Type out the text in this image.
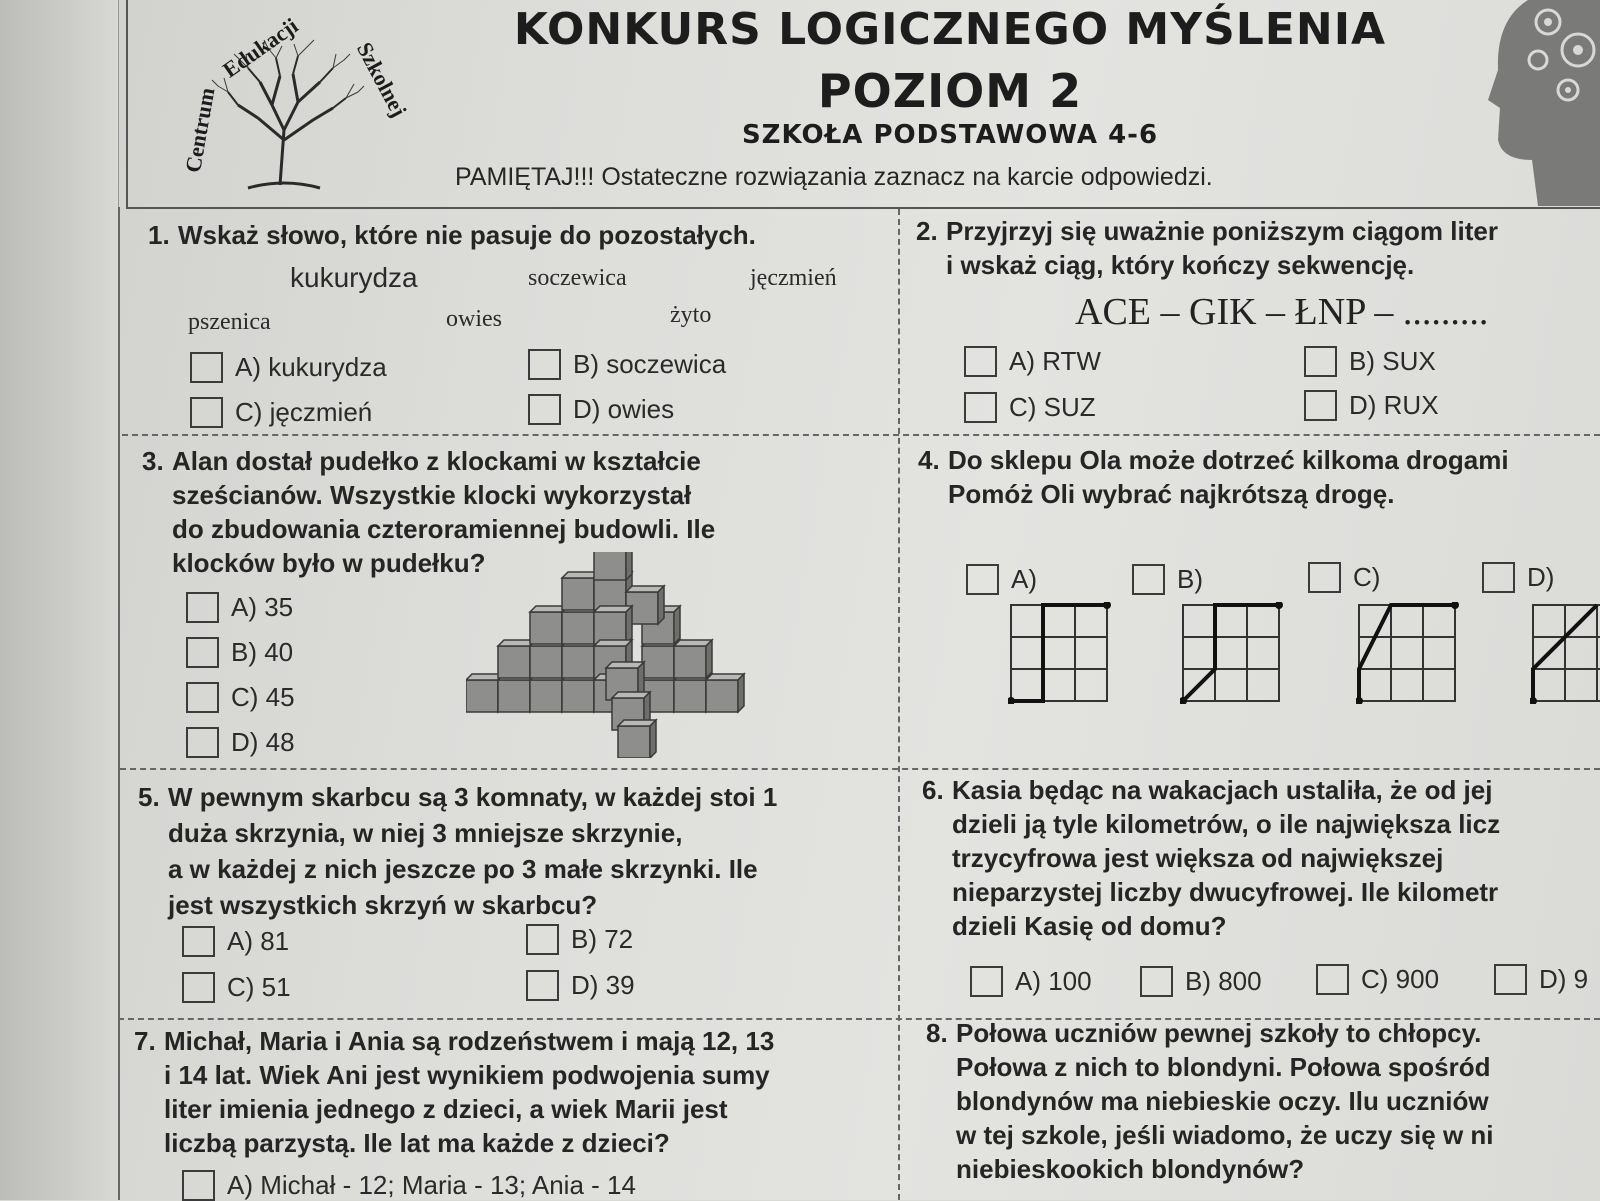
Centrum
Edukacji Szkolnej
KONKURS LOGICZNEGO MYŚLENIA
POZIOM 2
SZKOŁA PODSTAWOWA 4-6
PAMIĘTAJ!!! Ostateczne rozwiązania zaznacz na karcie odpowiedzi.
1. Wskaż słowo, które nie pasuje do pozostałych.
kukurydza	soczewica	jęczmień
pszenica	owies	żyto
A) kukurydza	B) soczewica
C) jęczmień	D) owies
2. Przyjrzyj się uważnie poniższym ciągom liter
i wskaż ciąg, który kończy sekwencję.
ACE – GIK – ŁNP – .........
A) RTW	B) SUX
C) SUZ	D) RUX
3. Alan dostał pudełko z klockami w kształcie
sześcianów. Wszystkie klocki wykorzystał
do zbudowania czteroramiennej budowli. Ile
klocków było w pudełku?
A) 35
B) 40
C) 45
D) 48
4. Do sklepu Ola może dotrzeć kilkoma drogami
Pomóż Oli wybrać najkrótszą drogę.
A)	B)	C)	D)
5. W pewnym skarbcu są 3 komnaty, w każdej stoi 1
duża skrzynia, w niej 3 mniejsze skrzynie,
a w każdej z nich jeszcze po 3 małe skrzynki. Ile
jest wszystkich skrzyń w skarbcu?
A) 81	B) 72
C) 51	D) 39
6. Kasia będąc na wakacjach ustaliła, że od jej
dzieli ją tyle kilometrów, o ile największa licz
trzycyfrowa jest większa od największej
nieparzystej liczby dwucyfrowej. Ile kilometr
dzieli Kasię od domu?
A) 100	B) 800	C) 900	D) 9
7. Michał, Maria i Ania są rodzeństwem i mają 12, 13
i 14 lat. Wiek Ani jest wynikiem podwojenia sumy
liter imienia jednego z dzieci, a wiek Marii jest
liczbą parzystą. Ile lat ma każde z dzieci?
A) Michał - 12; Maria - 13; Ania - 14
8. Połowa uczniów pewnej szkoły to chłopcy.
Połowa z nich to blondyni. Połowa spośród
blondynów ma niebieskie oczy. Ilu uczniów
w tej szkole, jeśli wiadomo, że uczy się w ni
niebieskookich blondynów?
